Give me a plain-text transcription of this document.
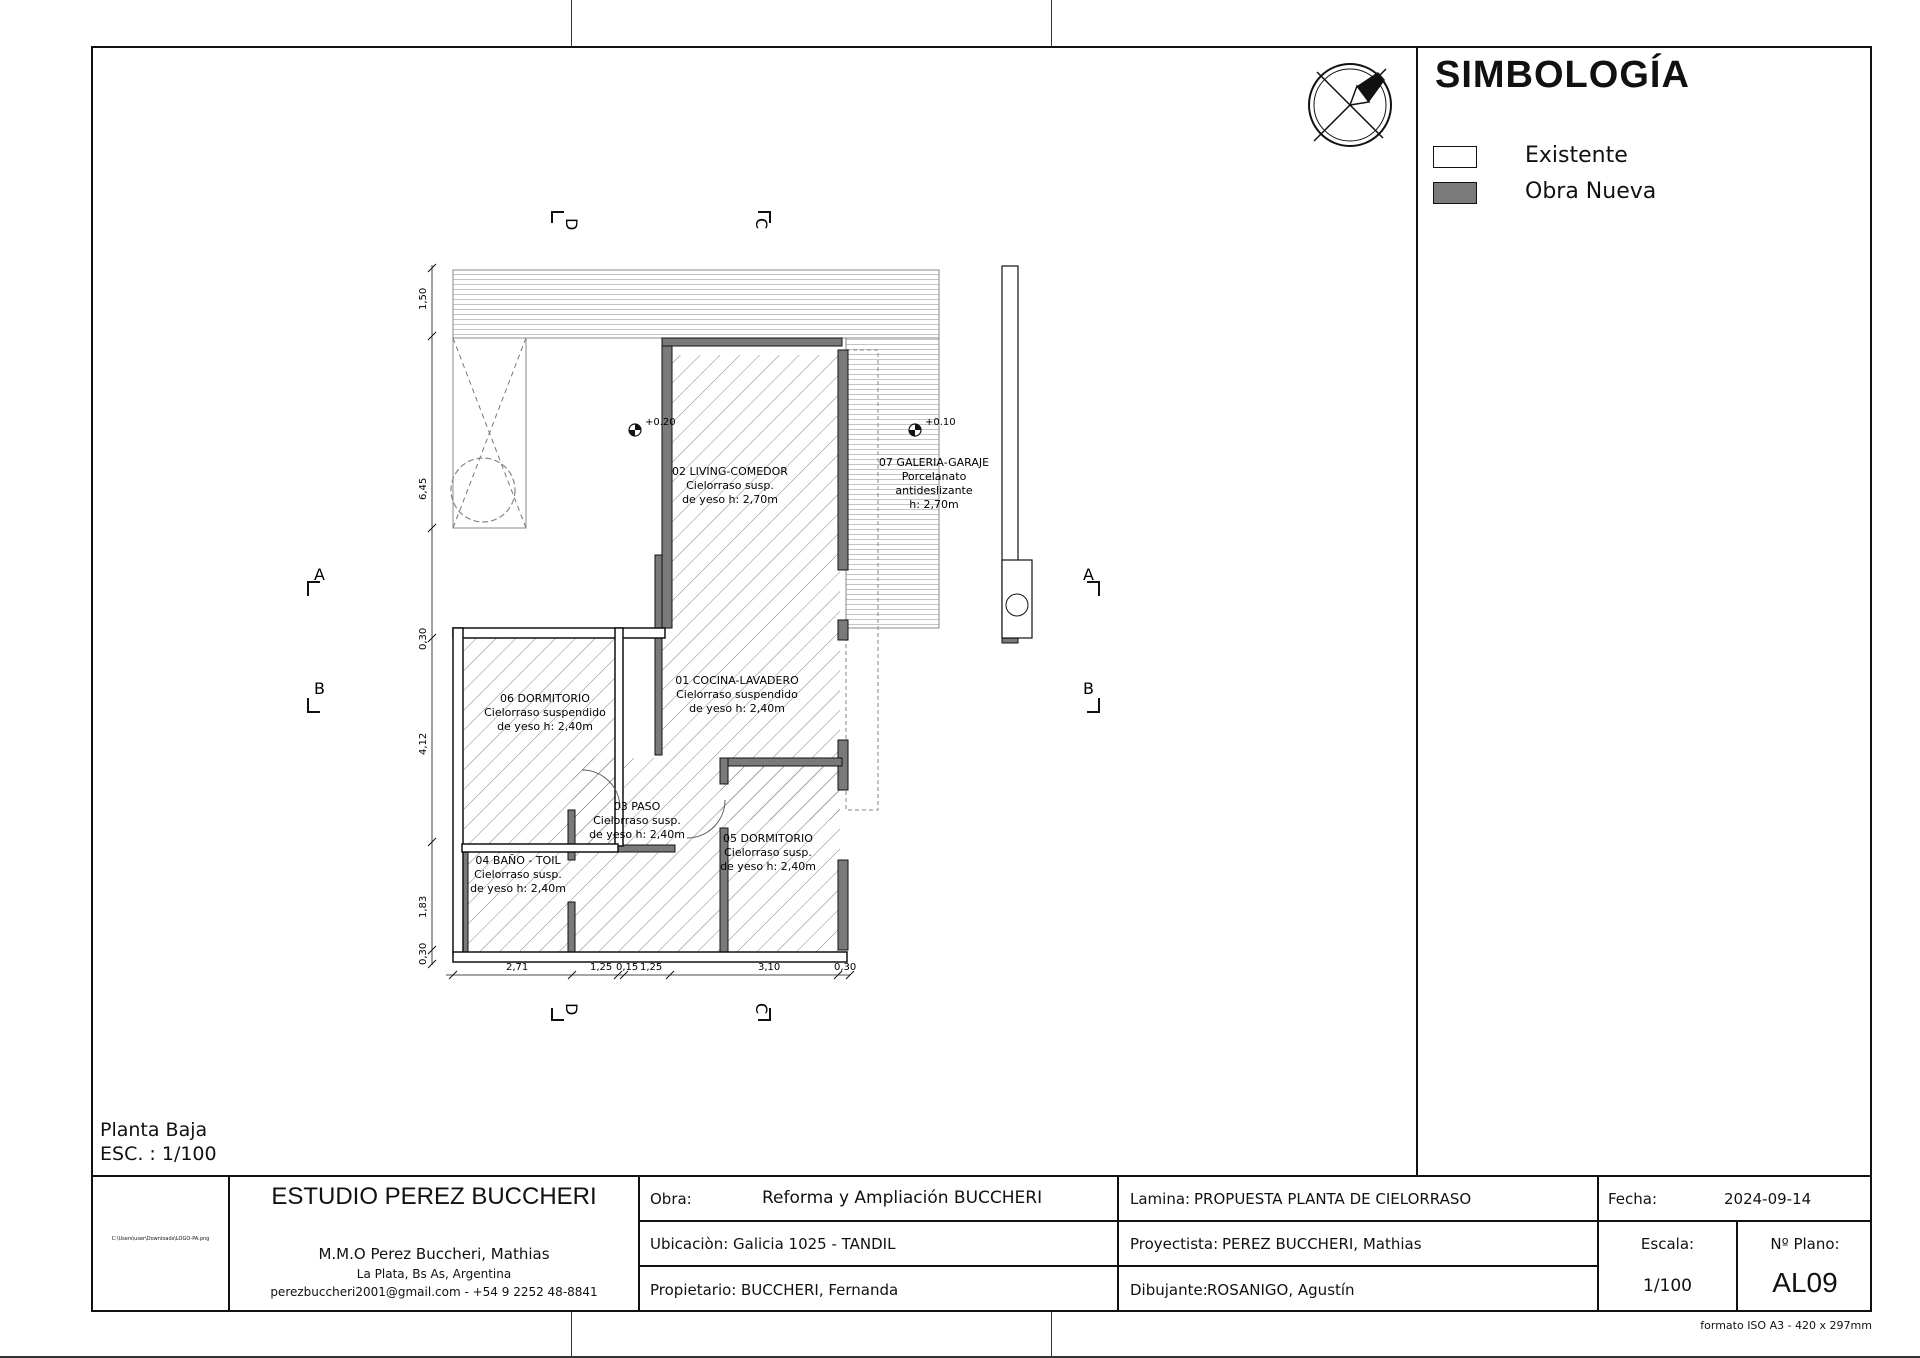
SIMBOLOGÍA
Existente
Obra Nueva
+0.20	+0.10
02 LIVING-COMEDOR
Cielorraso susp.
de yeso h: 2,70m
07 GALERIA-GARAJE
Porcelanato
antideslizante
h: 2,70m
01 COCINA-LAVADERO
Cielorraso suspendido
de yeso h: 2,40m
06 DORMITORIO
Cielorraso suspendido
de yeso h: 2,40m
03 PASO
Cielorraso susp.
de yeso h: 2,40m	05 DORMITORIO
Cielorraso susp.
de yeso h: 2,40m
04 BAÑO - TOIL
Cielorraso susp.
de yeso h: 2,40m
1,50
6,45
0,30
4,12
1,83
0,30
2,71	1,25 0,15 1,25	3,10	0,30
A	A
B	B
D	C
D	C
Planta Baja
ESC. : 1/100
C:\Users\user\Downloads\LOGO-PA.png
ESTUDIO PEREZ BUCCHERI
M.M.O Perez Buccheri, Mathias
La Plata, Bs As, Argentina
perezbuccheri2001@gmail.com - +54 9 2252 48-8841
Obra:	Reforma y Ampliación BUCCHERI
Ubicaciòn: Galicia 1025 - TANDIL
Propietario: BUCCHERI, Fernanda
Lamina: PROPUESTA PLANTA DE CIELORRASO
Proyectista: PEREZ BUCCHERI, Mathias
Dibujante: ROSANIGO, Agustín
Fecha:	2024-09-14
Escala:
1/100
Nº Plano:
AL09
formato ISO A3 - 420 x 297mm
